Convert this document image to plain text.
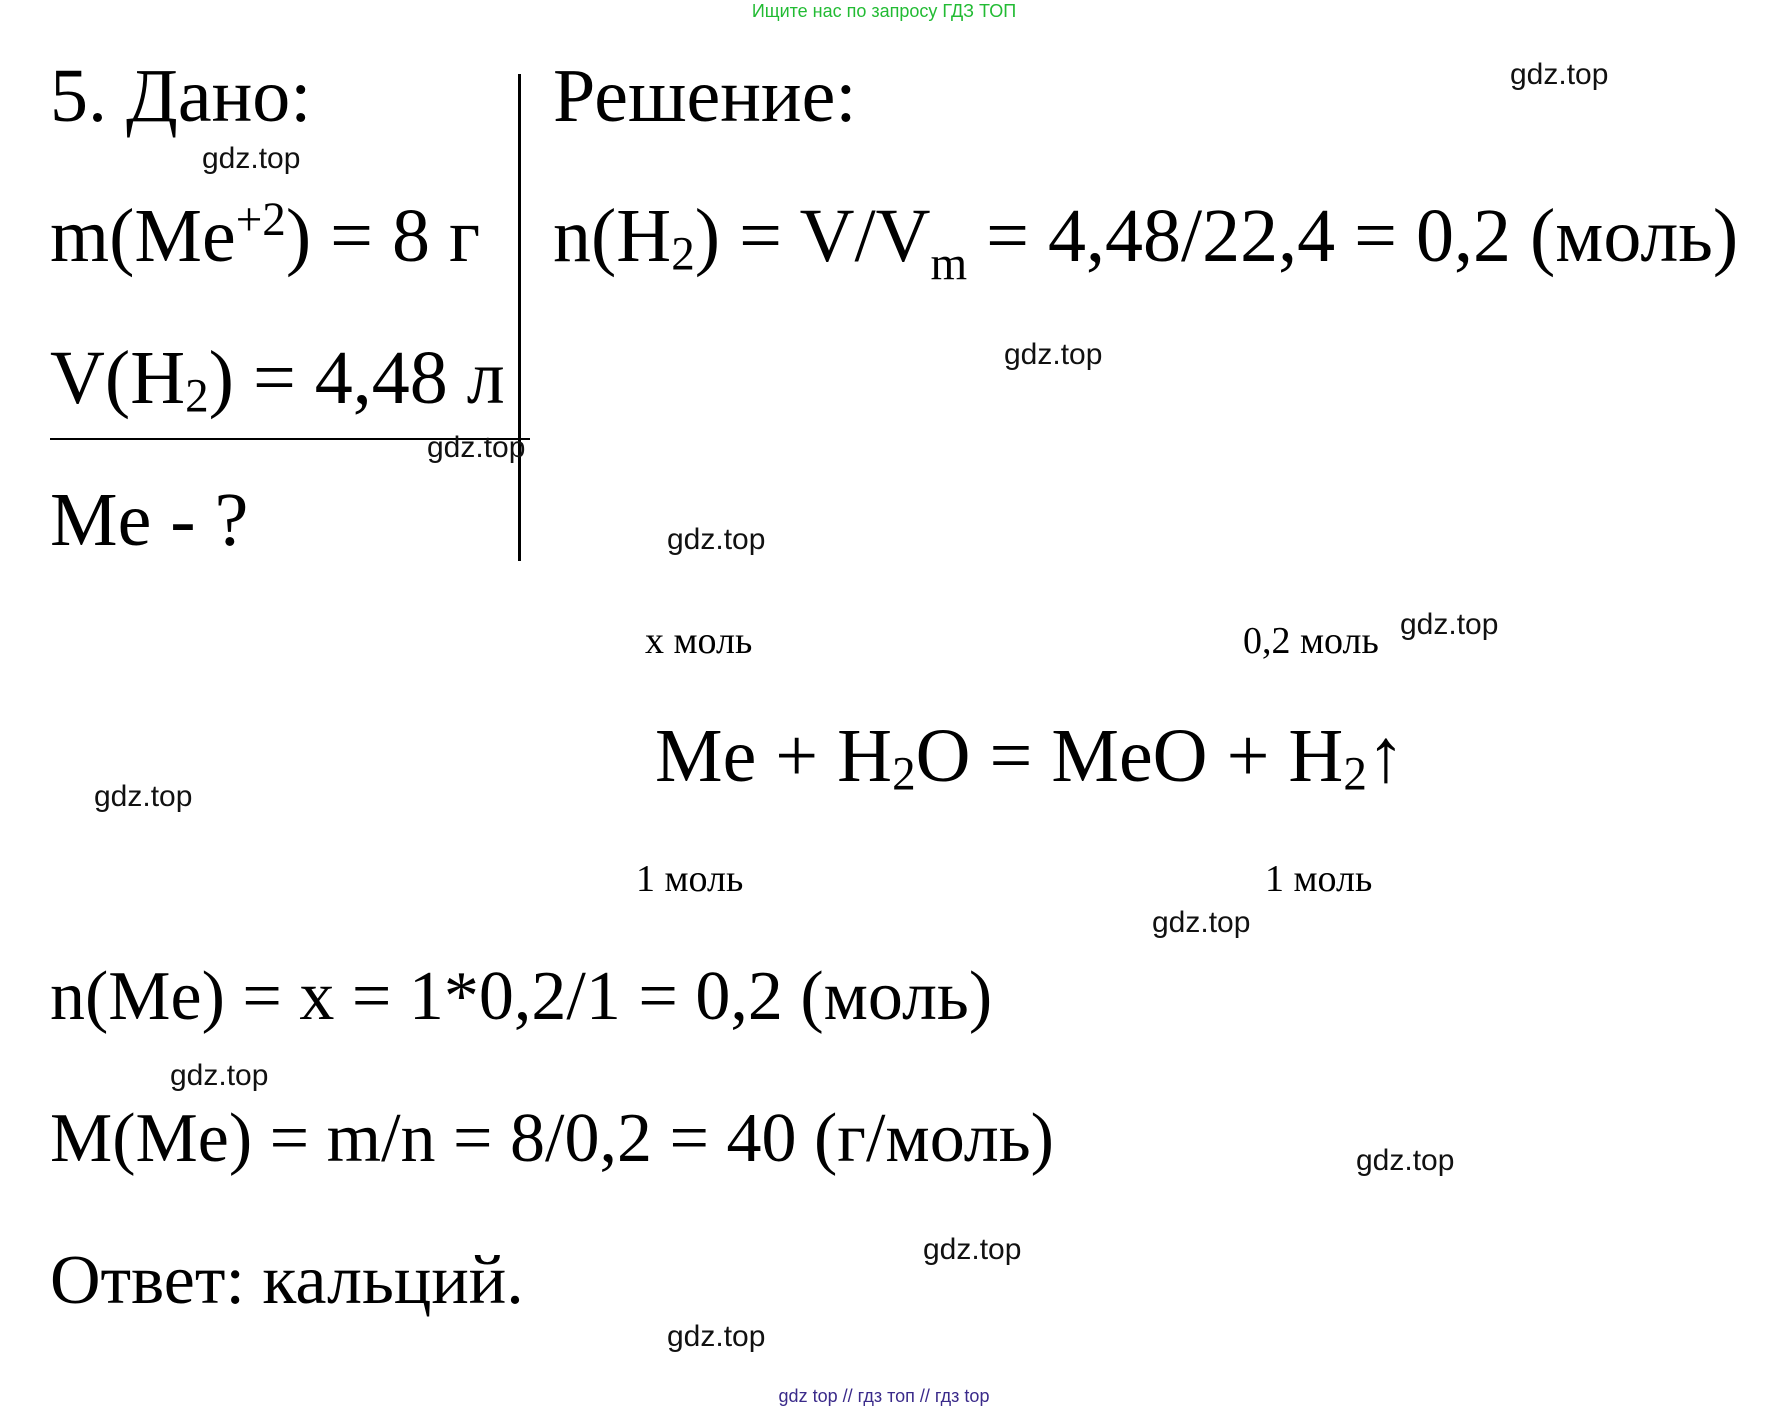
Ищите нас по запросу ГДЗ ТОП
5. Дано:
$m(Me^{+2}) = 8$ г
$V(H_2) = 4,48$ л
Me - ?
Решение:
$n(H_2) = V/V_m = 4,48/22,4 = 0,2$ (моль)
x моль	0,2 моль
$Me + H_2O$ = MeO + $H_2↑$
1 моль	1 моль
n(Me) = x = 1*0,2/1 = 0,2 (моль)
M(Me) = m/n = 8/0,2 = 40 (г/моль)
Ответ: кальций.
gdz.top
gdz.top
gdz.top
gdz.top
gdz.top
gdz.top
gdz.top
gdz.top
gdz.top
gdz.top
gdz.top
gdz.top
gdz top // гдз топ // гдз top
